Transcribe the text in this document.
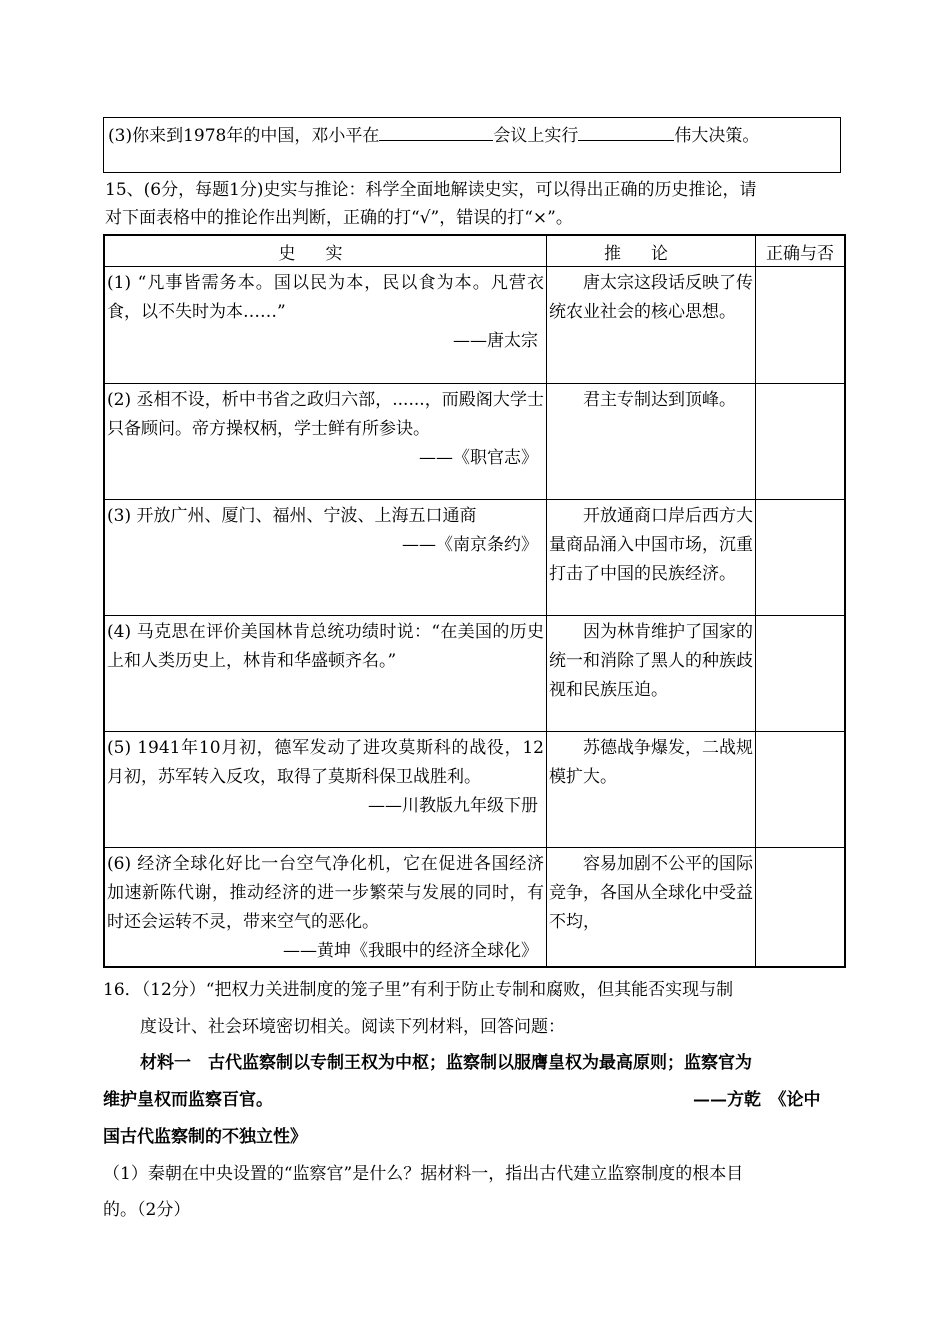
(3)你来到1978年的中国，邓小平在	会议上实行	伟大决策。
15、(6分，每题1分)史实与推论：科学全面地解读史实，可以得出正确的历史推论，请
对下面表格中的推论作出判断，正确的打“√”，错误的打“×”。
史实	推论	正确与否

(1) “凡事皆需务本。国以民为本，民以食为本。凡营衣食，以不失时为本……”
——唐太宗	唐太宗这段话反映了传统农业社会的核心思想。	

(2) 丞相不设，析中书省之政归六部，......，而殿阁大学士只备顾问。帝方操权柄，学士鲜有所参诀。
——《职官志》	君主专制达到顶峰。	

(3) 开放广州、厦门、福州、宁波、上海五口通商
——《南京条约》	开放通商口岸后西方大量商品涌入中国市场，沉重打击了中国的民族经济。	

(4) 马克思在评价美国林肯总统功绩时说：“在美国的历史上和人类历史上，林肯和华盛顿齐名。”	因为林肯维护了国家的统一和消除了黑人的种族歧视和民族压迫。	

(5) 1941年10月初，德军发动了进攻莫斯科的战役，12月初，苏军转入反攻，取得了莫斯科保卫战胜利。
——川教版九年级下册	苏德战争爆发，二战规模扩大。	

(6) 经济全球化好比一台空气净化机，它在促进各国经济加速新陈代谢，推动经济的进一步繁荣与发展的同时，有时还会运转不灵，带来空气的恶化。
——黄坤《我眼中的经济全球化》	容易加剧不公平的国际竞争，各国从全球化中受益不均，	

16．（12分）“把权力关进制度的笼子里”有利于防止专制和腐败，但其能否实现与制
度设计、社会环境密切相关。阅读下列材料，回答问题：
材料一　古代监察制以专制王权为中枢；监察制以服膺皇权为最高原则；监察官为
维护皇权而监察百官。	——方乾　《论中
国古代监察制的不独立性》
（1）秦朝在中央设置的“监察官”是什么？据材料一，指出古代建立监察制度的根本目
的。（2分）
